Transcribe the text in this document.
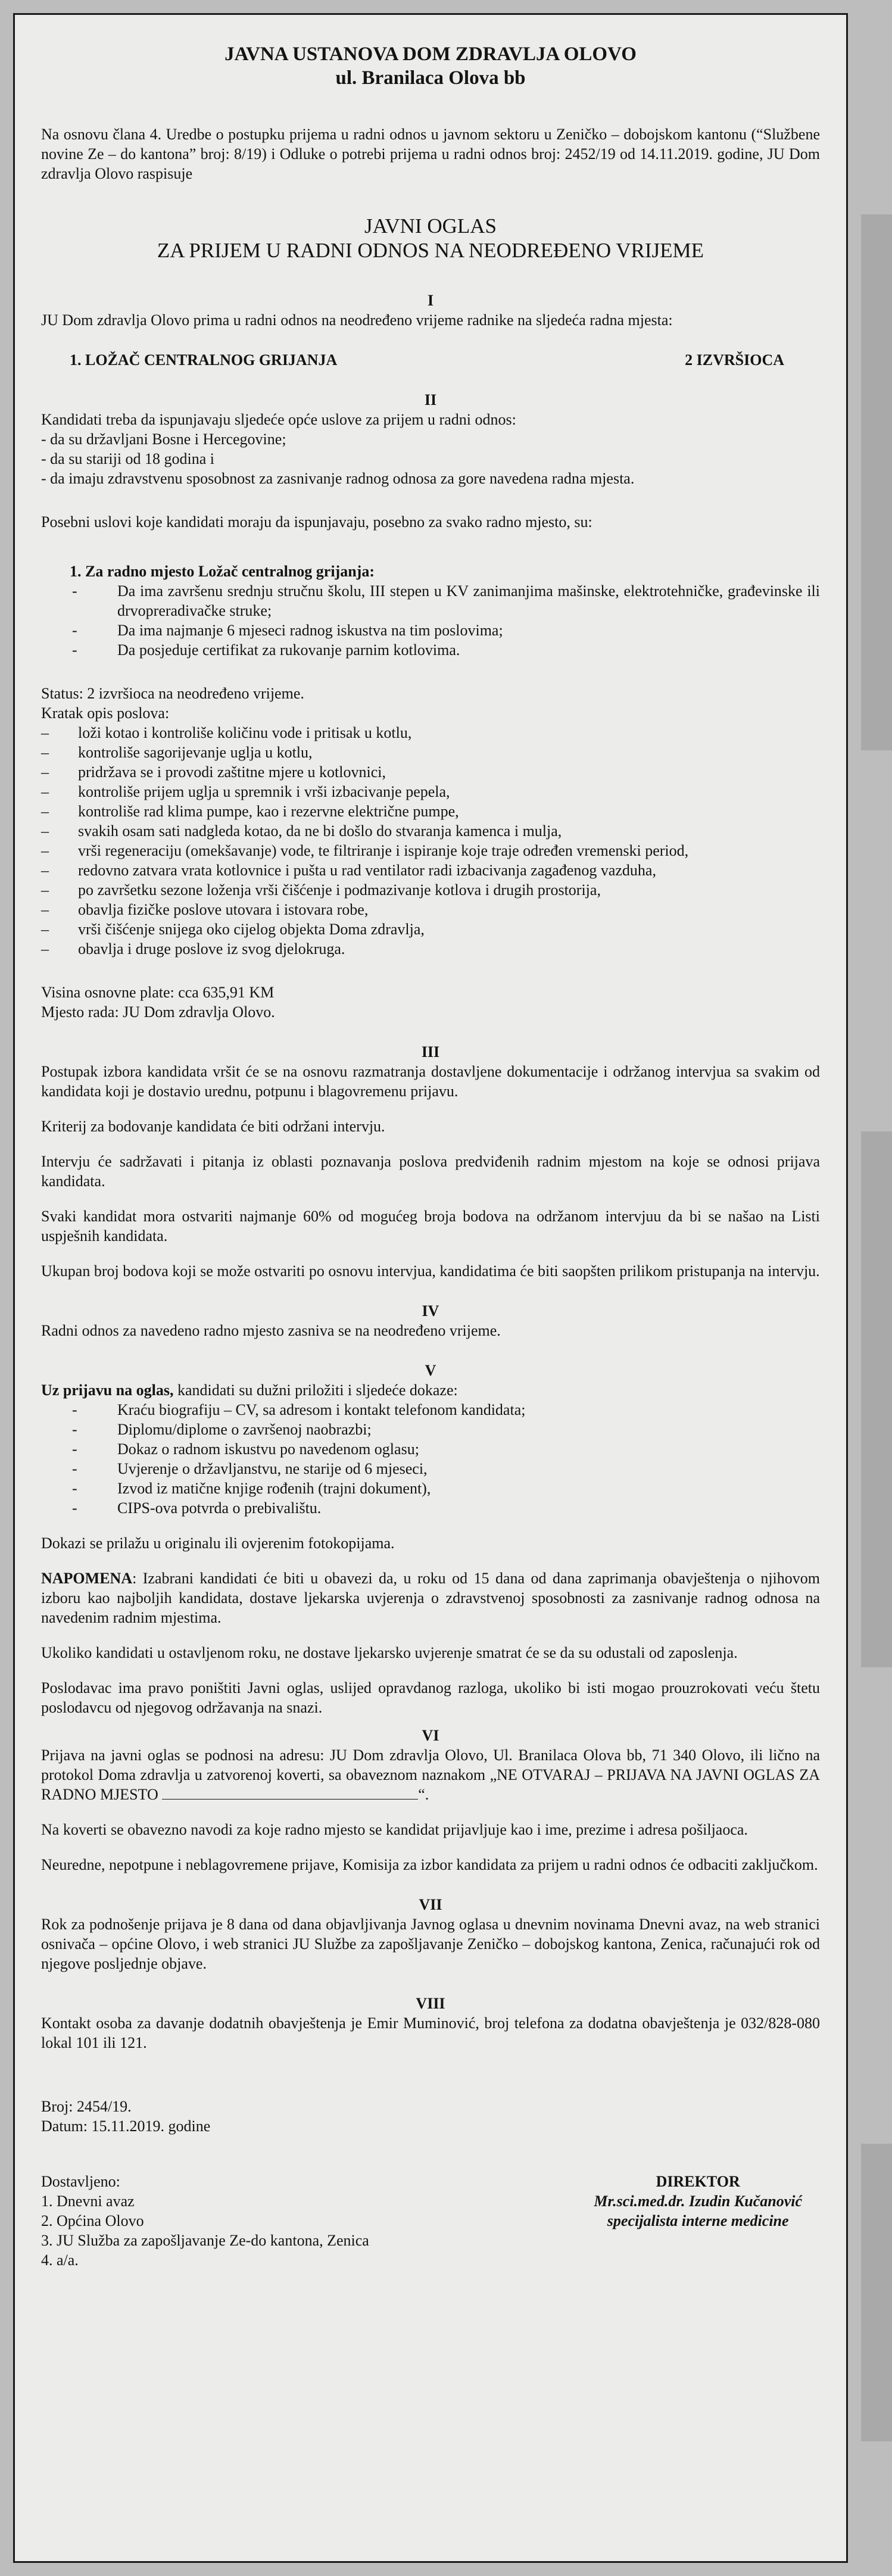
JAVNA USTANOVA DOM ZDRAVLJA OLOVO
ul. Branilaca Olova bb

Na osnovu člana 4. Uredbe o postupku prijema u radni odnos u javnom sektoru u Zeničko – dobojskom kantonu (“Službene novine Ze – do kantona” broj: 8/19) i Odluke o potrebi prijema u radni odnos broj: 2452/19 od 14.11.2019. godine, JU Dom zdravlja Olovo raspisuje

JAVNI OGLAS
ZA PRIJEM U RADNI ODNOS NA NEODREĐENO VRIJEME
I

JU Dom zdravlja Olovo prima u radni odnos na neodređeno vrijeme radnike na sljedeća radna mjesta:

1. LOŽAČ CENTRALNOG GRIJANJA	2 IZVRŠIOCA
II

Kandidati treba da ispunjavaju sljedeće opće uslove za prijem u radni odnos:

- da su državljani Bosne i Hercegovine;
- da su stariji od 18 godina i
- da imaju zdravstvenu sposobnost za zasnivanje radnog odnosa za gore navedena radna mjesta.

Posebni uslovi koje kandidati moraju da ispunjavaju, posebno za svako radno mjesto, su:

1. Za radno mjesto Ložač centralnog grijanja:
- Da ima završenu srednju stručnu školu, III stepen u KV zanimanjima mašinske, elektrotehničke, građevinske ili drvopreradivačke struke;
- Da ima najmanje 6 mjeseci radnog iskustva na tim poslovima;
- Da posjeduje certifikat za rukovanje parnim kotlovima.

Status: 2 izvršioca na neodređeno vrijeme.

Kratak opis poslova:

– loži kotao i kontroliše količinu vode i pritisak u kotlu,
– kontroliše sagorijevanje uglja u kotlu,
– pridržava se i provodi zaštitne mjere u kotlovnici,
– kontroliše prijem uglja u spremnik i vrši izbacivanje pepela,
– kontroliše rad klima pumpe, kao i rezervne električne pumpe,
– svakih osam sati nadgleda kotao, da ne bi došlo do stvaranja kamenca i mulja,
– vrši regeneraciju (omekšavanje) vode, te filtriranje i ispiranje koje traje određen vremenski period,
– redovno zatvara vrata kotlovnice i pušta u rad ventilator radi izbacivanja zagađenog vazduha,
– po završetku sezone loženja vrši čišćenje i podmazivanje kotlova i drugih prostorija,
– obavlja fizičke poslove utovara i istovara robe,
– vrši čišćenje snijega oko cijelog objekta Doma zdravlja,
– obavlja i druge poslove iz svog djelokruga.

Visina osnovne plate: cca 635,91 KM

Mjesto rada: JU Dom zdravlja Olovo.

III

Postupak izbora kandidata vršit će se na osnovu razmatranja dostavljene dokumentacije i održanog intervjua sa svakim od kandidata koji je dostavio urednu, potpunu i blagovremenu prijavu.

Kriterij za bodovanje kandidata će biti održani intervju.

Intervju će sadržavati i pitanja iz oblasti poznavanja poslova predviđenih radnim mjestom na koje se odnosi prijava kandidata.

Svaki kandidat mora ostvariti najmanje 60% od mogućeg broja bodova na održanom intervjuu da bi se našao na Listi uspješnih kandidata.

Ukupan broj bodova koji se može ostvariti po osnovu intervjua, kandidatima će biti saopšten prilikom pristupanja na intervju.

IV

Radni odnos za navedeno radno mjesto zasniva se na neodređeno vrijeme.

V

Uz prijavu na oglas, kandidati su dužni priložiti i sljedeće dokaze:

- Kraću biografiju – CV, sa adresom i kontakt telefonom kandidata;
- Diplomu/diplome o završenoj naobrazbi;
- Dokaz o radnom iskustvu po navedenom oglasu;
- Uvjerenje o državljanstvu, ne starije od 6 mjeseci,
- Izvod iz matične knjige rođenih (trajni dokument),
- CIPS-ova potvrda o prebivalištu.

Dokazi se prilažu u originalu ili ovjerenim fotokopijama.

NAPOMENA: Izabrani kandidati će biti u obavezi da, u roku od 15 dana od dana zaprimanja obavještenja o njihovom izboru kao najboljih kandidata, dostave ljekarska uvjerenja o zdravstvenoj sposobnosti za zasnivanje radnog odnosa na navedenim radnim mjestima.

Ukoliko kandidati u ostavljenom roku, ne dostave ljekarsko uvjerenje smatrat će se da su odustali od zaposlenja.

Poslodavac ima pravo poništiti Javni oglas, uslijed opravdanog razloga, ukoliko bi isti mogao prouzrokovati veću štetu poslodavcu od njegovog održavanja na snazi.

VI

Prijava na javni oglas se podnosi na adresu: JU Dom zdravlja Olovo, Ul. Branilaca Olova bb, 71 340 Olovo, ili lično na protokol Doma zdravlja u zatvorenoj koverti, sa obaveznom naznakom „NE OTVARAJ – PRIJAVA NA JAVNI OGLAS ZA RADNO MJESTO	“.

Na koverti se obavezno navodi za koje radno mjesto se kandidat prijavljuje kao i ime, prezime i adresa pošiljaoca.

Neuredne, nepotpune i neblagovremene prijave, Komisija za izbor kandidata za prijem u radni odnos će odbaciti zaključkom.

VII

Rok za podnošenje prijava je 8 dana od dana objavljivanja Javnog oglasa u dnevnim novinama Dnevni avaz, na web stranici osnivača – općine Olovo, i web stranici JU Službe za zapošljavanje Zeničko – dobojskog kantona, Zenica, računajući rok od njegove posljednje objave.

VIII

Kontakt osoba za davanje dodatnih obavještenja je Emir Muminović, broj telefona za dodatna obavještenja je 032/828-080 lokal 101 ili 121.

Broj: 2454/19.

Datum: 15.11.2019. godine

Dostavljeno:
1. Dnevni avaz
2. Općina Olovo
3. JU Služba za zapošljavanje Ze-do kantona, Zenica
4. a/a.
DIREKTOR
Mr.sci.med.dr. Izudin Kučanović
specijalista interne medicine
